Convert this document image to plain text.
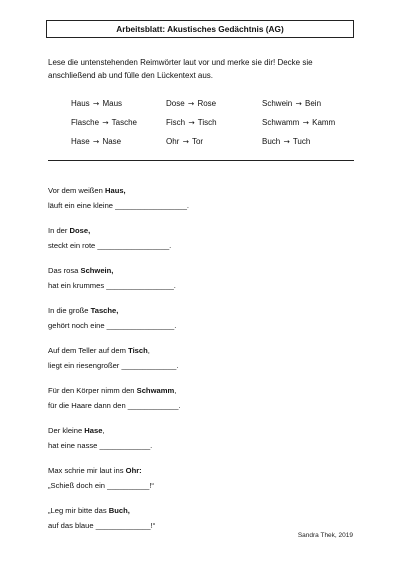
Arbeitsblatt: Akustisches Gedächtnis (AG)
Lese die untenstehenden Reimwörter laut vor und merke sie dir! Decke sie anschließend ab und fülle den Lückentext aus.
Haus → Maus	Dose → Rose	Schwein → Bein
Flasche → Tasche	Fisch → Tisch	Schwamm → Kamm
Hase → Nase	Ohr → Tor	Buch → Tuch
Vor dem weißen Haus,
läuft ein eine kleine _________________.
In der Dose,
steckt ein rote _________________.
Das rosa Schwein,
hat ein krummes ________________.
In die große Tasche,
gehört noch eine ________________.
Auf dem Teller auf dem Tisch,
liegt ein riesengroßer _____________.
Für den Körper nimm den Schwamm,
für die Haare dann den ____________.
Der kleine Hase,
hat eine nasse ____________.
Max schrie mir laut ins Ohr:
„Schieß doch ein __________!“
„Leg mir bitte das Buch,
auf das blaue _____________!“
Sandra Thek, 2019
